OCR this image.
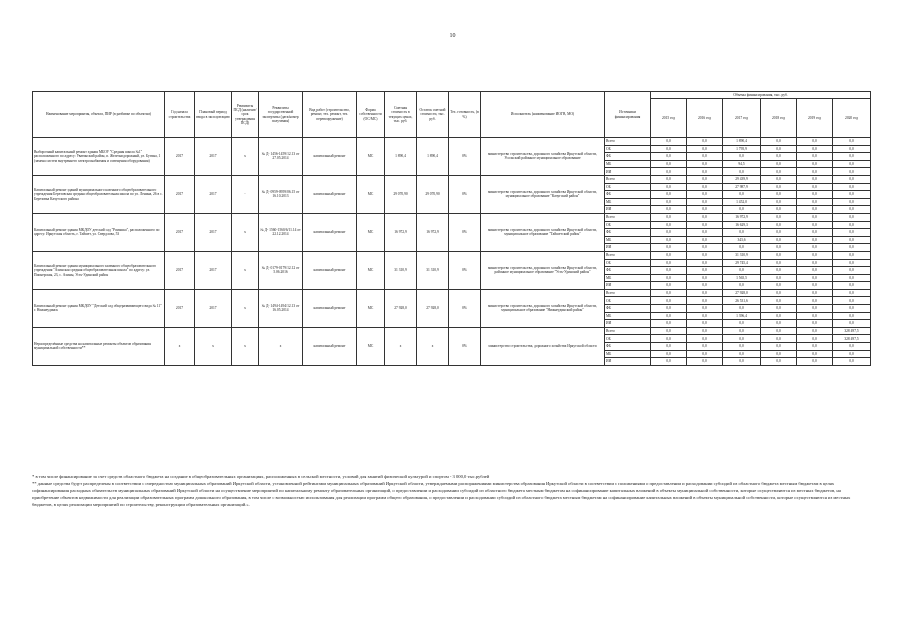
10
Наименование мероприятия, объекта, ПИР (в разбивке по объектам)	Год начала строительства	Плановый период ввода в эксплуатацию	Реквизиты ПСД (наличие/ срок утверждения ПСД)	Реквизиты государственной экспертизы (дата/номер получения)	Вид работ (строительство, ремонт, тех. ремонт, тех. перевооружение)	Форма собственности (ОС/МС)	Сметная стоимость в текущих ценах, тыс. руб.	Остаток сметной стоимости, тыс. руб.	Тех. готовность, (в %)	Исполнитель (наименование ИОГВ, МО)	Источники финансирования	Объемы финансирования, тыс. руб.					
												2015 год	2016 год	2017 год	2018 год	2019 год	2020 год
Выборочный капитальный ремонт здания МБОУ "Средняя школа №1" расположенного по адресу: Уватинский район, п. Железнодорожный, ул. Бутина, 1 (замена систем внутреннего электроснабжения и освещения оборудования)	2017	2017	х	№ Д- 1456-1459/12.13 от 27.05.2014	капитальный ремонт	МС	1 890,4	1 890,4	0%	министерство строительства, дорожного хозяйства Иркутской области, Усольский районное муниципальное образование	Всего	0,0	0,0	1 890,4	0,0	0,0	0,0
											ОБ	0,0	0,0	1 795,9	0,0	0,0	0,0
											ФБ	0,0	0,0	0,0	0,0	0,0	0,0
											МБ	0,0	0,0	94,5	0,0	0,0	0,0
											ИИ	0,0	0,0	0,0	0,0	0,0	0,0
Капитальный ремонт зданий муниципального казенного общеобразовательного учреждения Березовская средняя общеобразовательная школа по ул. Ленина, 26 в с. Березовка Качугского района	2017	2017	-	№ Д- 0959-0959/06.15 от 16.10.2013	капитальный ремонт	МС	29 070,90	29 070,90	0%	министерство строительства, дорожного хозяйства Иркутской области, муниципальное образование "Качугский район"	Всего	0,0	0,0	29 439,9	0,0	0,0	0,0
											ОБ	0,0	0,0	27 987,9	0,0	0,0	0,0
											ФБ	0,0	0,0	0,0	0,0	0,0	0,0
											МБ	0,0	0,0	1 452,0	0,0	0,0	0,0
											ИИ	0,0	0,0	0,0	0,0	0,0	0,0
Капитальный ремонт здания МКДОУ детский сад "Ромашка", расположенного по адресу: Иркутская область, г. Тайшет, ул. Свердлова, 53	2017	2017	х	№ Д- 1560-1560/6/11.14 от 22.12.2014	капитальный ремонт	МС	16 972,9	16 972,9	0%	министерство строительства, дорожного хозяйства Иркутской области, муниципальное образование "Тайшетский район"	Всего	0,0	0,0	16 972,9	0,0	0,0	0,0
											ОБ	0,0	0,0	16 629,3	0,0	0,0	0,0
											ФБ	0,0	0,0	0,0	0,0	0,0	0,0
											МБ	0,0	0,0	343,6	0,0	0,0	0,0
											ИИ	0,0	0,0	0,0	0,0	0,0	0,0
Капитальный ремонт здания муниципального казенного общеобразовательного учреждения "Ахинская средняя общеобразовательная школа" по адресу: ул. Пионерская, 23, с. Ахины, Усть-Удинский район	2017	2017	х	№ Д- 0179-0179/12.12 от 5.06.2016	капитальный ремонт	МС	31 310,9	31 310,9	0%	министерство строительства, дорожного хозяйства Иркутской области, районное муниципальное образование "Усть-Удинский район"	Всего	0,0	0,0	31 310,9	0,0	0,0	0,0
											ОБ	0,0	0,0	29 745,4	0,0	0,0	0,0
											ФБ	0,0	0,0	0,0	0,0	0,0	0,0
											МБ	0,0	0,0	1 565,5	0,0	0,0	0,0
											ИИ	0,0	0,0	0,0	0,0	0,0	0,0
Капитальный ремонт здания МКДОУ "Детский сад общеразвивающего вида № 11" г. Нижнеудинск	2017	2017	х	№ Д- 1494-1494/12.13 от 16.05.2014	капитальный ремонт	МС	27 928,0	27 928,0	0%	министерство строительства, дорожного хозяйства Иркутской области, муниципальное образование "Нижнеудинский район"	Всего	0,0	0,0	27 928,0	0,0	0,0	0,0
											ОБ	0,0	0,0	26 531,6	0,0	0,0	0,0
											ФБ	0,0	0,0	0,0	0,0	0,0	0,0
											МБ	0,0	0,0	1 396,4	0,0	0,0	0,0
											ИИ	0,0	0,0	0,0	0,0	0,0	0,0
Нераспределённые средства на капитальные ремонты объектов образования муниципальной собственности**	х	х	х	х	капитальный ремонт	МС	х	х	0%	министерство строительства, дорожного хозяйства Иркутской области	Всего	0,0	0,0	0,0	0,0	0,0	328 497,5
											ОБ	0,0	0,0	0,0	0,0	0,0	328 497,5
											ФБ	0,0	0,0	0,0	0,0	0,0	0,0
											МБ	0,0	0,0	0,0	0,0	0,0	0,0
											ИИ	0,0	0,0	0,0	0,0	0,0	0,0

* в том числе финансирование за счет средств областного бюджета на создание в общеобразовательных организациях, расположенных в сельской местности, условий для занятий физической культурой и спортом - 3 000,0 тыс.рублей

** данные средства будут распределены в соответствии с очередностью муниципальных образований Иркутской области, установленной рейтингами муниципальных образований Иркутской области, утверждаемыми распоряжениями министерства образования Иркутской области в соответствии с положениями о предоставлении и расходовании субсидий из областного бюджета местным бюджетам в целях софинансирования расходных обязательств муниципальных образований Иркутской области на осуществление мероприятий по капитальному ремонту образовательных организаций, о предоставлении и расходовании субсидий из областного бюджета местным бюджетам на софинансирование капитальных вложений в объекты муниципальной собственности, которые осуществляются из местных бюджетов, на приобретение объектов недвижимости для реализации образовательных программ дошкольного образования, в том числе с возможностью использования для реализации программ общего образования, о предоставлении и расходовании субсидий из областного бюджета местным бюджетам на софинансирование капитальных вложений в объекты муниципальной собственности, которые осуществляются из местных бюджетов, в целях реализации мероприятий по строительству, реконструкции образовательных организаций.».
